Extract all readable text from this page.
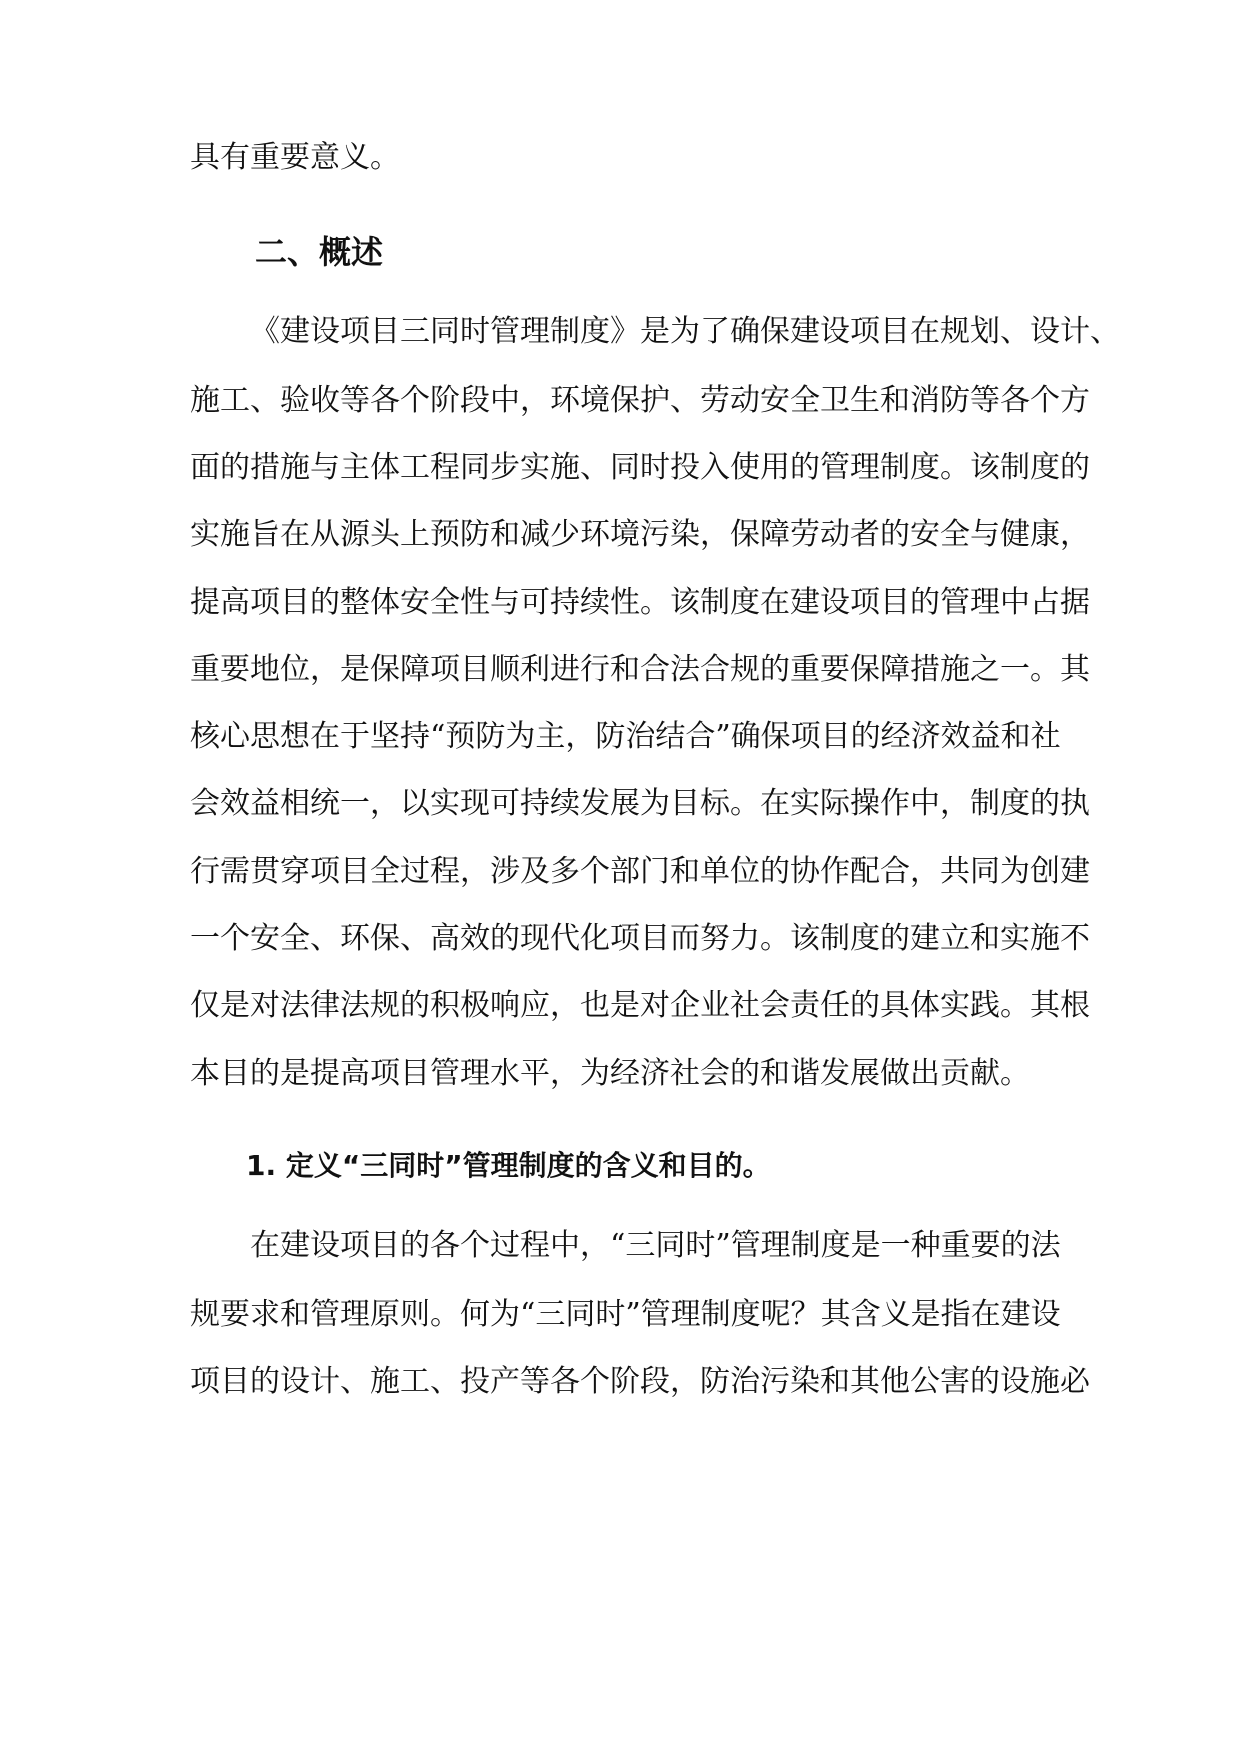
具有重要意义。
二、概述
《建设项目三同时管理制度》是为了确保建设项目在规划、设计、
施工、验收等各个阶段中，环境保护、劳动安全卫生和消防等各个方
面的措施与主体工程同步实施、同时投入使用的管理制度。该制度的
实施旨在从源头上预防和减少环境污染，保障劳动者的安全与健康，
提高项目的整体安全性与可持续性。该制度在建设项目的管理中占据
重要地位，是保障项目顺利进行和合法合规的重要保障措施之一。其
核心思想在于坚持“预防为主，防治结合”确保项目的经济效益和社
会效益相统一，以实现可持续发展为目标。在实际操作中，制度的执
行需贯穿项目全过程，涉及多个部门和单位的协作配合，共同为创建
一个安全、环保、高效的现代化项目而努力。该制度的建立和实施不
仅是对法律法规的积极响应，也是对企业社会责任的具体实践。其根
本目的是提高项目管理水平，为经济社会的和谐发展做出贡献。
1. 定义“三同时”管理制度的含义和目的。
在建设项目的各个过程中，“三同时”管理制度是一种重要的法
规要求和管理原则。何为“三同时”管理制度呢？其含义是指在建设
项目的设计、施工、投产等各个阶段，防治污染和其他公害的设施必
